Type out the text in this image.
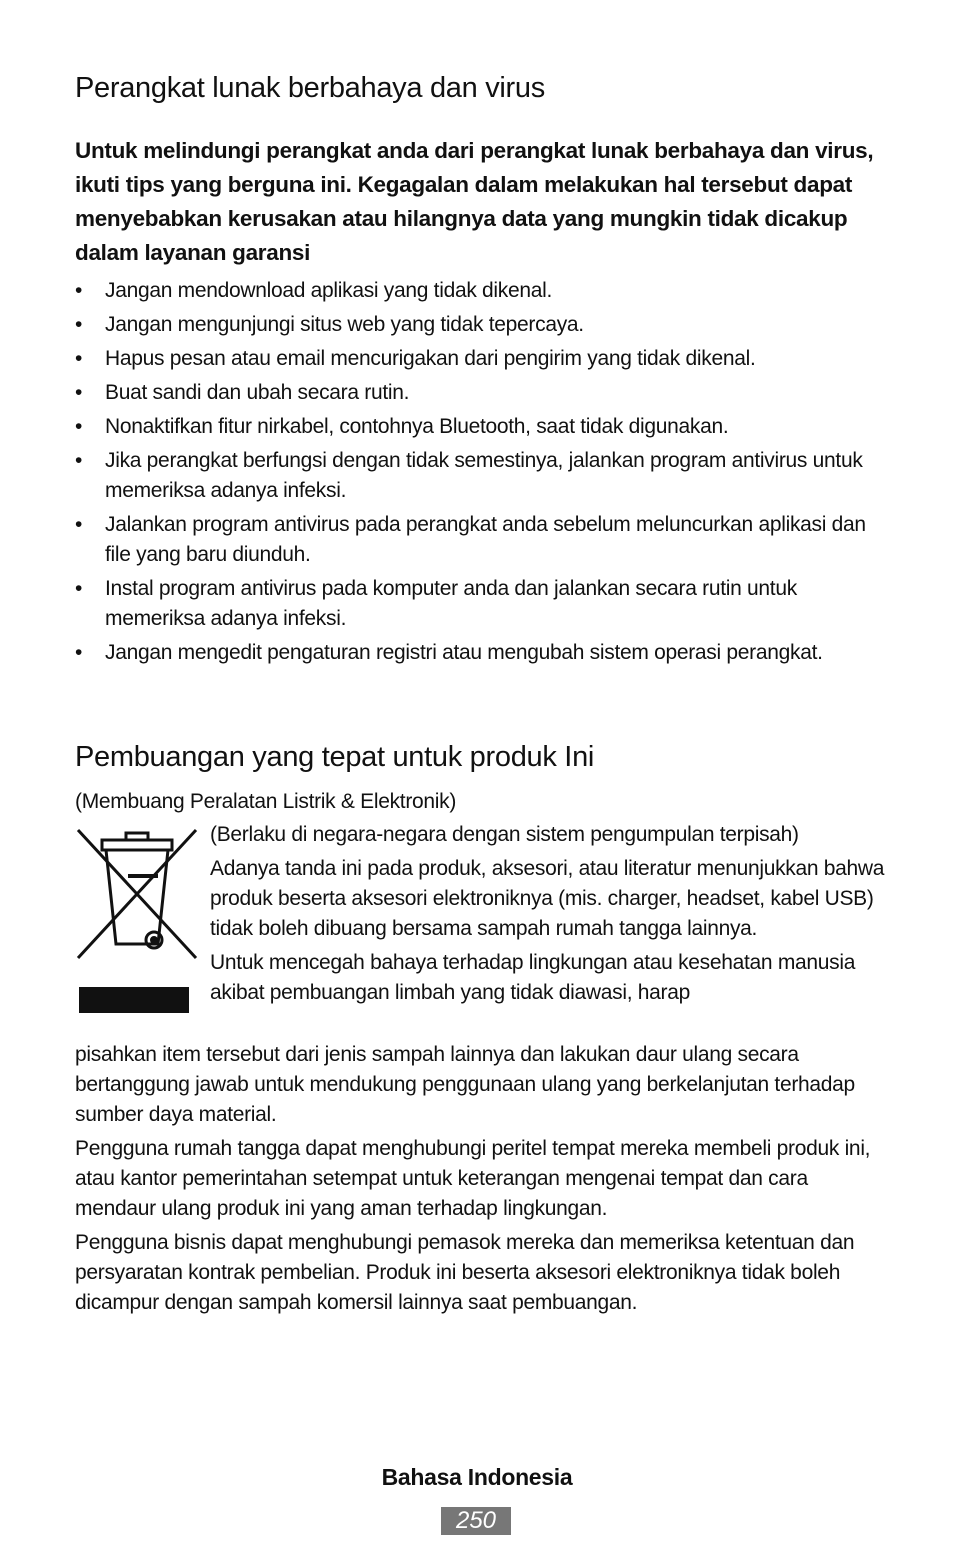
Perangkat lunak berbahaya dan virus

Untuk melindungi perangkat anda dari perangkat lunak berbahaya dan virus, ikuti tips yang berguna ini. Kegagalan dalam melakukan hal tersebut dapat menyebabkan kerusakan atau hilangnya data yang mungkin tidak dicakup dalam layanan garansi

• Jangan mendownload aplikasi yang tidak dikenal.
• Jangan mengunjungi situs web yang tidak tepercaya.
• Hapus pesan atau email mencurigakan dari pengirim yang tidak dikenal.
• Buat sandi dan ubah secara rutin.
• Nonaktifkan fitur nirkabel, contohnya Bluetooth, saat tidak digunakan.
• Jika perangkat berfungsi dengan tidak semestinya, jalankan program antivirus untuk memeriksa adanya infeksi.
• Jalankan program antivirus pada perangkat anda sebelum meluncurkan aplikasi dan file yang baru diunduh.
• Instal program antivirus pada komputer anda dan jalankan secara rutin untuk memeriksa adanya infeksi.
• Jangan mengedit pengaturan registri atau mengubah sistem operasi perangkat.
Pembuangan yang tepat untuk produk Ini
(Membuang Peralatan Listrik & Elektronik)

(Berlaku di negara-negara dengan sistem pengumpulan terpisah)

Adanya tanda ini pada produk, aksesori, atau literatur menunjukkan bahwa produk beserta aksesori elektroniknya (mis. charger, headset, kabel USB) tidak boleh dibuang bersama sampah rumah tangga lainnya.

Untuk mencegah bahaya terhadap lingkungan atau kesehatan manusia akibat pembuangan limbah yang tidak diawasi, harap

pisahkan item tersebut dari jenis sampah lainnya dan lakukan daur ulang secara bertanggung jawab untuk mendukung penggunaan ulang yang berkelanjutan terhadap sumber daya material.

Pengguna rumah tangga dapat menghubungi peritel tempat mereka membeli produk ini, atau kantor pemerintahan setempat untuk keterangan mengenai tempat dan cara mendaur ulang produk ini yang aman terhadap lingkungan.

Pengguna bisnis dapat menghubungi pemasok mereka dan memeriksa ketentuan dan persyaratan kontrak pembelian. Produk ini beserta aksesori elektroniknya tidak boleh dicampur dengan sampah komersil lainnya saat pembuangan.

Bahasa Indonesia
250
